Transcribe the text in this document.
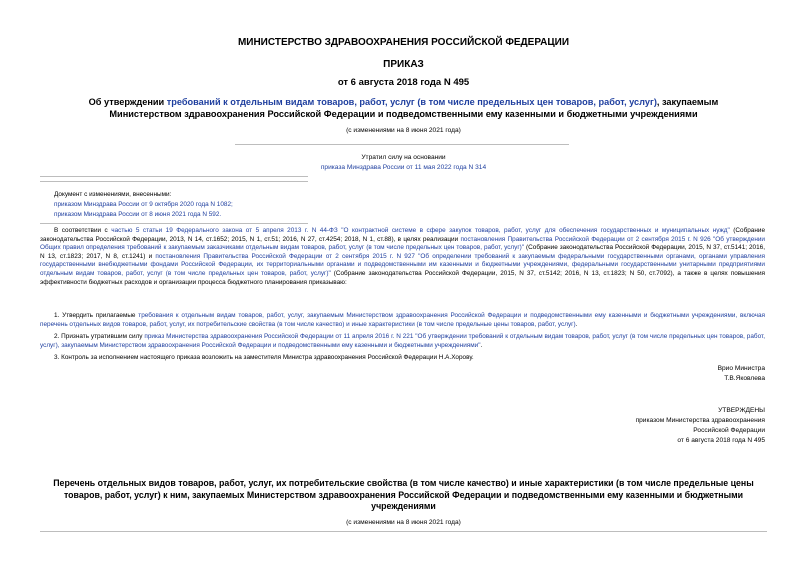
МИНИСТЕРСТВО ЗДРАВООХРАНЕНИЯ РОССИЙСКОЙ ФЕДЕРАЦИИ
ПРИКАЗ
от 6 августа 2018 года N 495
Об утверждении требований к отдельным видам товаров, работ, услуг (в том числе предельных цен товаров, работ, услуг), закупаемым Министерством здравоохранения Российской Федерации и подведомственными ему казенными и бюджетными учреждениями
(с изменениями на 8 июня 2021 года)
Утратил силу на основании
приказа Минздрава России от 11 мая 2022 года N 314
Документ с изменениями, внесенными:
приказом Минздрава России от 9 октября 2020 года N 1082;
приказом Минздрава России от 8 июня 2021 года N 592.
В соответствии с частью 5 статьи 19 Федерального закона от 5 апреля 2013 г. N 44-ФЗ "О контрактной системе в сфере закупок товаров, работ, услуг для обеспечения государственных и муниципальных нужд" (Собрание законодательства Российской Федерации, 2013, N 14, ст.1652; 2015, N 1, ст.51; 2016, N 27, ст.4254; 2018, N 1, ст.88), в целях реализации постановления Правительства Российской Федерации от 2 сентября 2015 г. N 926 "Об утверждении Общих правил определения требований к закупаемым заказчиками отдельным видам товаров, работ, услуг (в том числе предельных цен товаров, работ, услуг)" (Собрание законодательства Российской Федерации, 2015, N 37, ст.5141; 2016, N 13, ст.1823; 2017, N 8, ст.1241) и постановления Правительства Российской Федерации от 2 сентября 2015 г. N 927 "Об определении требований к закупаемым федеральными государственными органами, органами управления государственными внебюджетными фондами Российской Федерации, их территориальными органами и подведомственными им казенными и бюджетными учреждениями, федеральными государственными унитарными предприятиями отдельным видам товаров, работ, услуг (в том числе предельных цен товаров, работ, услуг)" (Собрание законодательства Российской Федерации, 2015, N 37, ст.5142; 2016, N 13, ст.1823; N 50, ст.7092), а также в целях повышения эффективности бюджетных расходов и организации процесса бюджетного планирования приказываю:
1. Утвердить прилагаемые требования к отдельным видам товаров, работ, услуг, закупаемым Министерством здравоохранения Российской Федерации и подведомственными ему казенными и бюджетными учреждениями, включая перечень отдельных видов товаров, работ, услуг, их потребительские свойства (в том числе качество) и иные характеристики (в том числе предельные цены товаров, работ, услуг).
2. Признать утратившим силу приказ Министерства здравоохранения Российской Федерации от 11 апреля 2016 г. N 221 "Об утверждении требований к отдельным видам товаров, работ, услуг (в том числе предельных цен товаров, работ, услуг), закупаемым Министерством здравоохранения Российской Федерации и подведомственными ему казенными и бюджетными учреждениями".
3. Контроль за исполнением настоящего приказа возложить на заместителя Министра здравоохранения Российской Федерации Н.А.Хорову.
Врио Министра
Т.В.Яковлева
УТВЕРЖДЕНЫ
приказом Министерства здравоохранения
Российской Федерации
от 6 августа 2018 года N 495
Перечень отдельных видов товаров, работ, услуг, их потребительские свойства (в том числе качество) и иные характеристики (в том числе предельные цены товаров, работ, услуг) к ним, закупаемых Министерством здравоохранения Российской Федерации и подведомственными ему казенными и бюджетными учреждениями
(с изменениями на 8 июня 2021 года)
